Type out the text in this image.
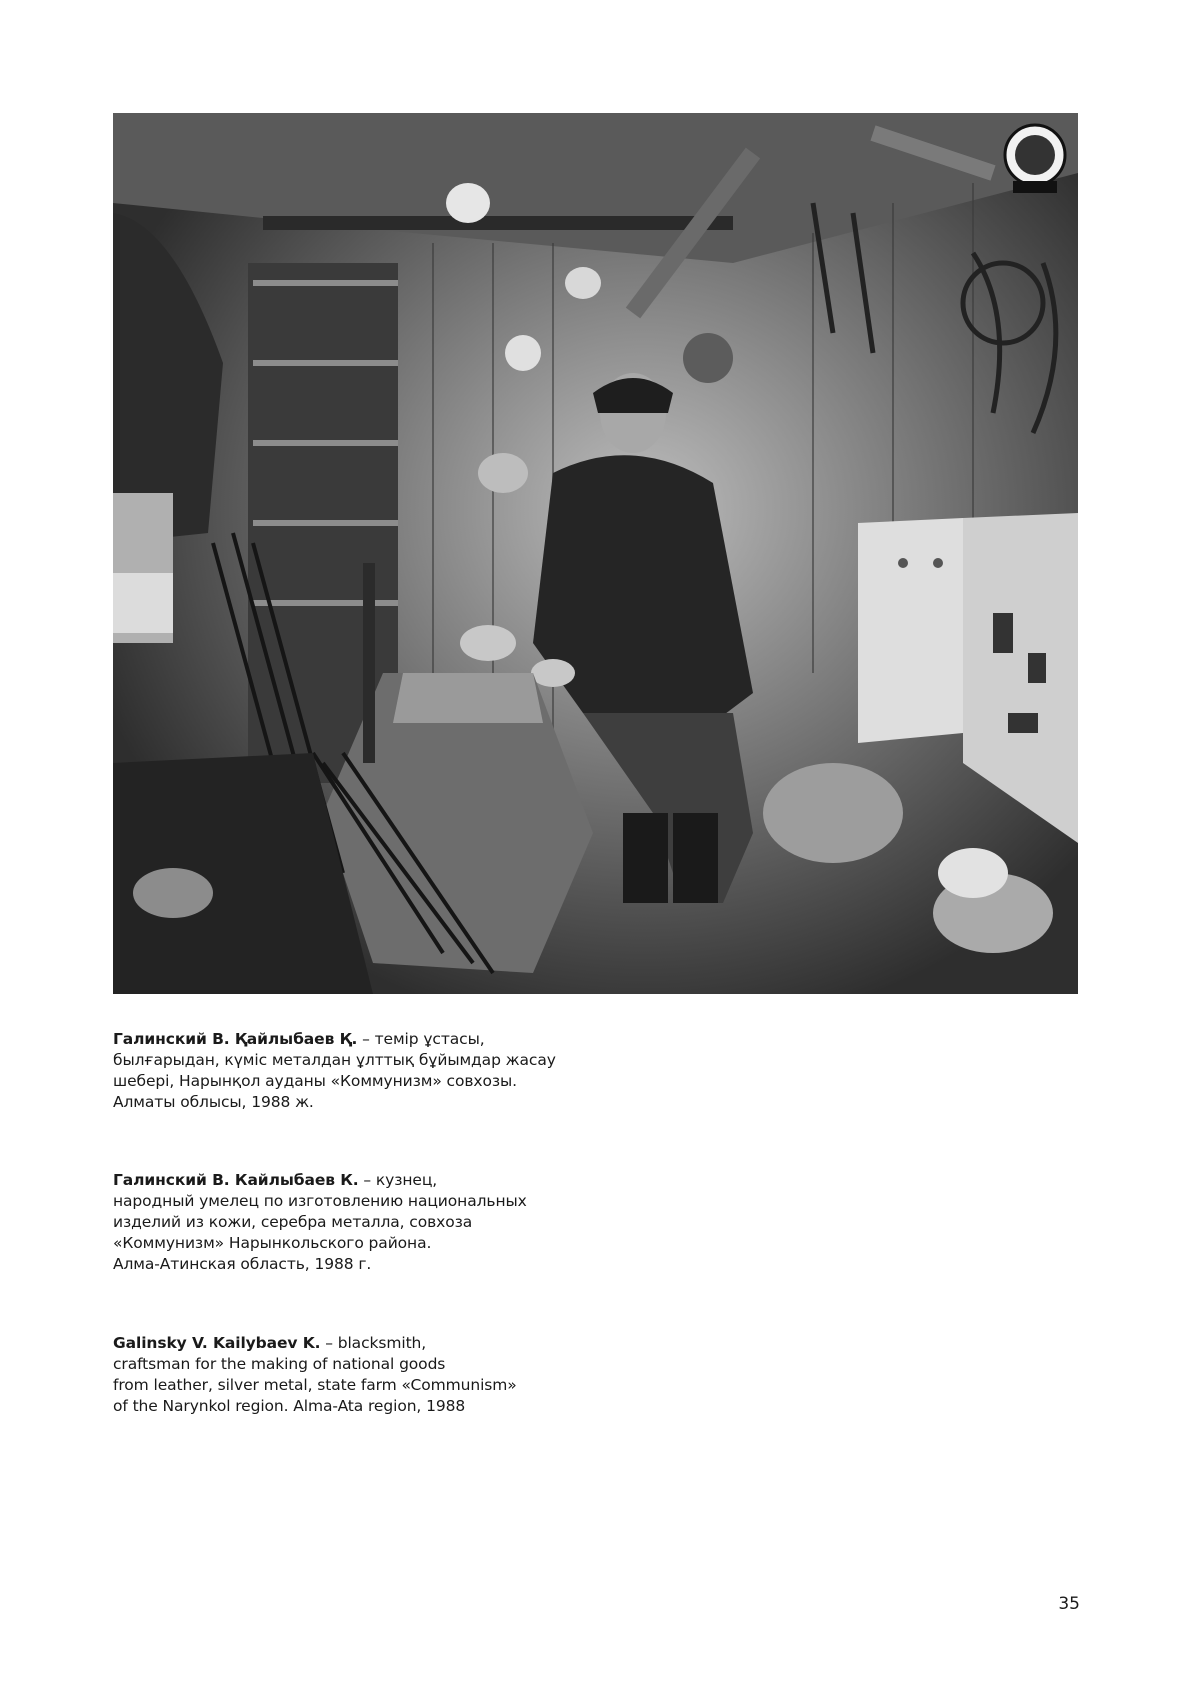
Галинский В. Қайлыбаев Қ. – темір ұстасы,

былғарыдан, күміс металдан ұлттық бұйымдар жасау

шебері, Нарынқол ауданы «Коммунизм» совхозы.

Алматы облысы, 1988 ж.

Галинский В. Кайлыбаев К. – кузнец,

народный умелец по изготовлению национальных

изделий из кожи, серебра металла, совхоза

«Коммунизм» Нарынкольского района.

Алма-Атинская область, 1988 г.

Galinsky V. Kailybaev K. – blacksmith,

craftsman for the making of national goods

from leather, silver metal, state farm «Communism»

of the Narynkol region. Alma-Ata region, 1988

35
